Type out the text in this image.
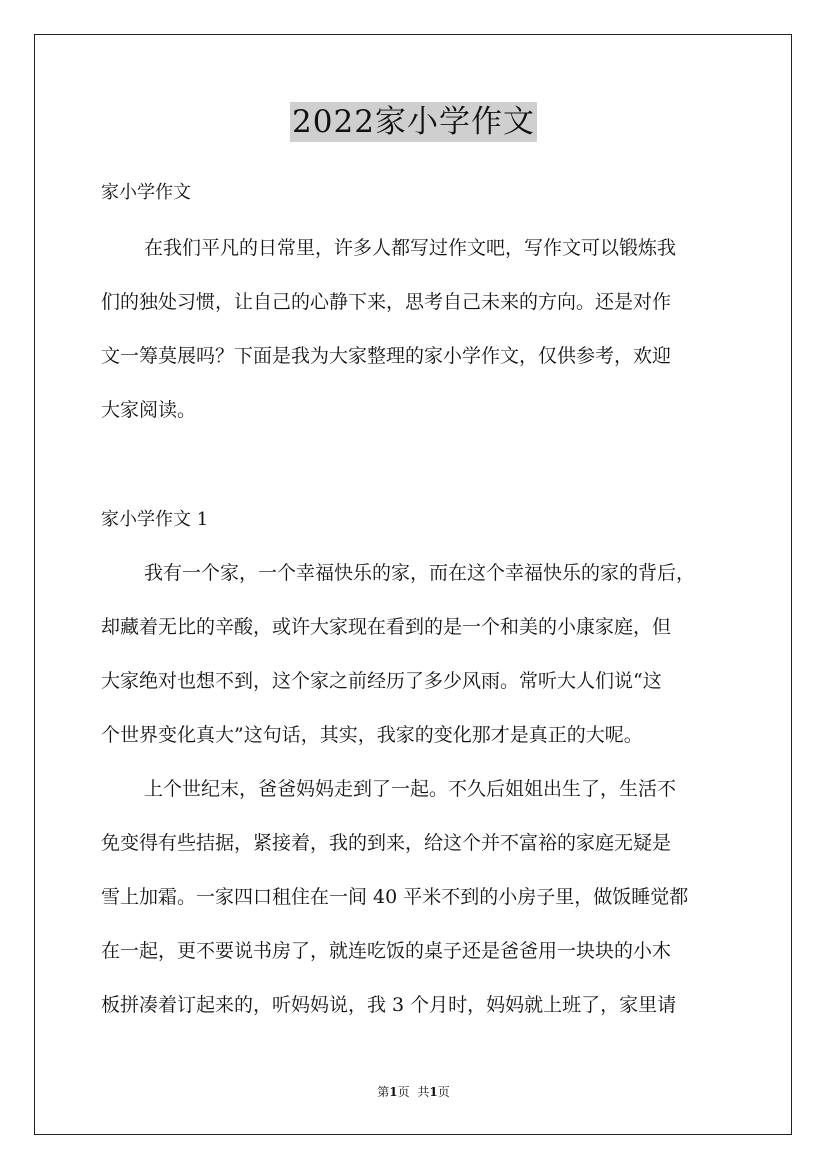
2022家小学作文
家小学作文
在我们平凡的日常里，许多人都写过作文吧，写作文可以锻炼我
们的独处习惯，让自己的心静下来，思考自己未来的方向。还是对作
文一筹莫展吗？下面是我为大家整理的家小学作文，仅供参考，欢迎
大家阅读。
家小学作文 1
我有一个家，一个幸福快乐的家，而在这个幸福快乐的家的背后，
却藏着无比的辛酸，或许大家现在看到的是一个和美的小康家庭，但
大家绝对也想不到，这个家之前经历了多少风雨。常听大人们说“这
个世界变化真大”这句话，其实，我家的变化那才是真正的大呢。
上个世纪末，爸爸妈妈走到了一起。不久后姐姐出生了，生活不
免变得有些拮据，紧接着，我的到来，给这个并不富裕的家庭无疑是
雪上加霜。一家四口租住在一间 40 平米不到的小房子里，做饭睡觉都
在一起，更不要说书房了，就连吃饭的桌子还是爸爸用一块块的小木
板拼凑着订起来的，听妈妈说，我 3 个月时，妈妈就上班了，家里请
第1页 共1页
